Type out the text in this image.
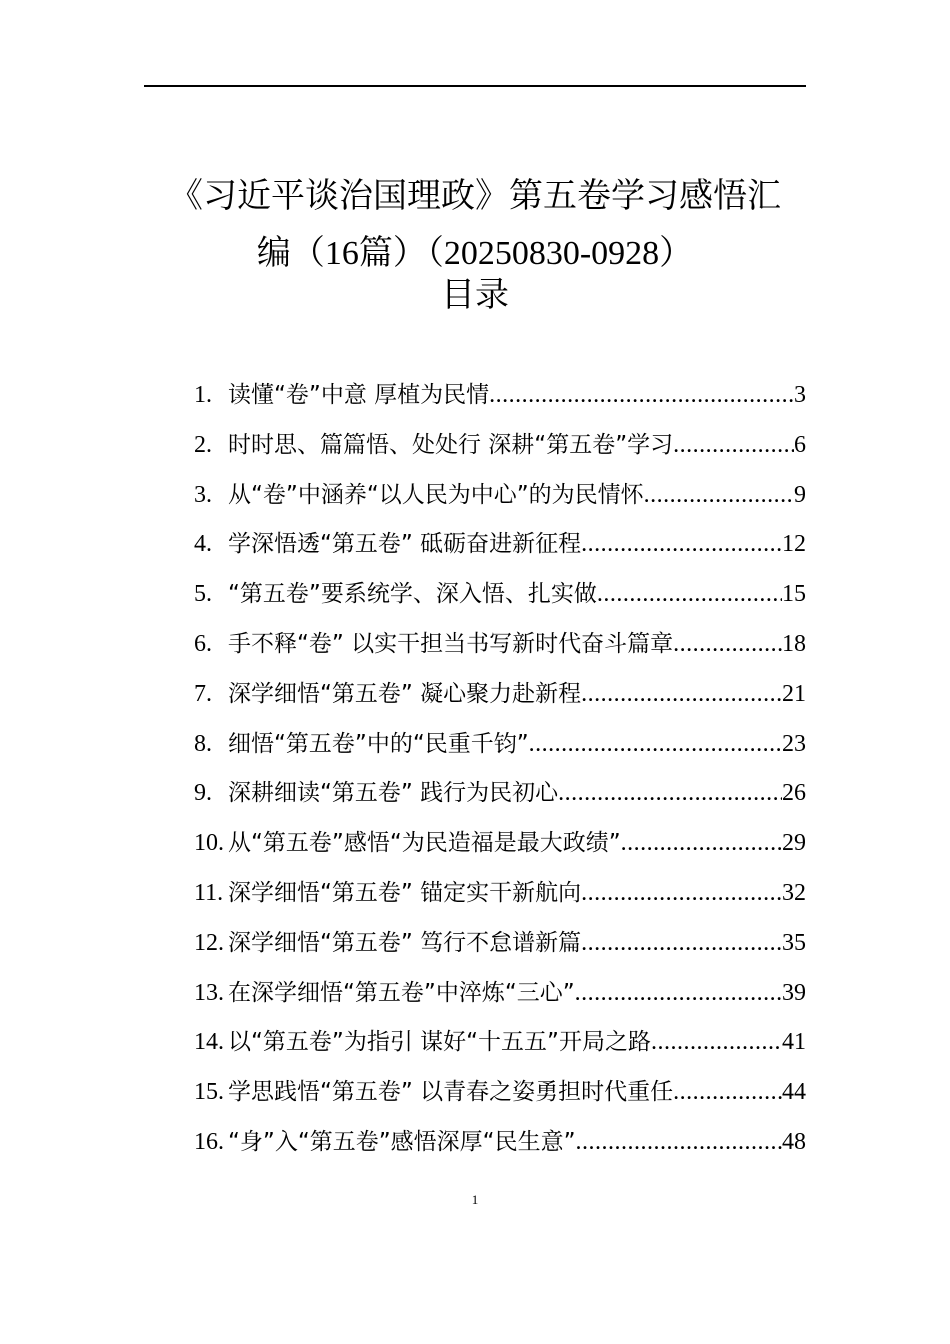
《习近平谈治国理政》第五卷学习感悟汇
编（16篇）（20250830-0928）
目录
1. 读懂“卷”中意 厚植为民情 .....	3
2. 时时思、篇篇悟、处处行 深耕“第五卷”学习 .....	6
3. 从“卷”中涵养“以人民为中心”的为民情怀 .....	9
4. 学深悟透“第五卷” 砥砺奋进新征程 .....	12
5. “第五卷”要系统学、深入悟、扎实做 .....	15
6. 手不释“卷” 以实干担当书写新时代奋斗篇章 .....	18
7. 深学细悟“第五卷” 凝心聚力赴新程 .....	21
8. 细悟“第五卷”中的“民重千钧” .....	23
9. 深耕细读“第五卷” 践行为民初心 .....	26
10. 从“第五卷”感悟“为民造福是最大政绩” .....	29
11. 深学细悟“第五卷” 锚定实干新航向 .....	32
12. 深学细悟“第五卷” 笃行不怠谱新篇 .....	35
13. 在深学细悟“第五卷”中淬炼“三心” .....	39
14. 以“第五卷”为指引 谋好“十五五”开局之路 .....	41
15. 学思践悟“第五卷” 以青春之姿勇担时代重任 .....	44
16. “身”入“第五卷”感悟深厚“民生意” .....	48
1
